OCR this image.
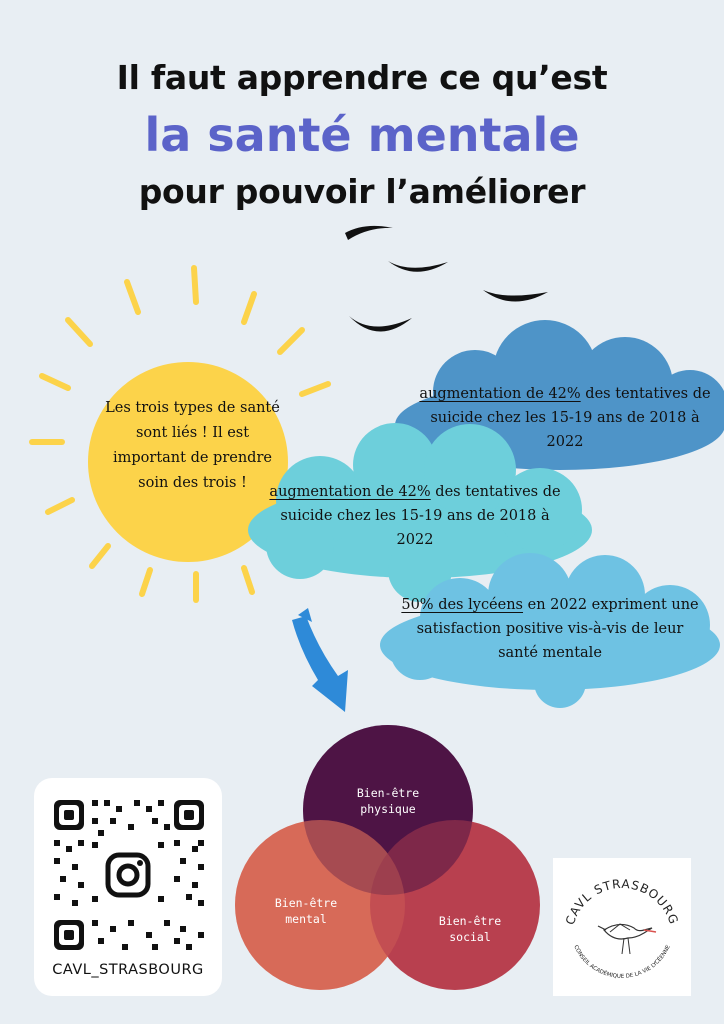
Il faut apprendre ce qu’est
la santé mentale
pour pouvoir l’améliorer
Les trois types de santé sont liés ! Il est important de prendre soin des trois !
augmentation de 42% des tentatives de suicide chez les 15-19 ans de 2018 à 2022
augmentation de 42% des tentatives de suicide chez les 15-19 ans de 2018 à 2022
50% des lycéens en 2022 expriment une satisfaction positive vis-à-vis de leur santé mentale
Bien-être
physique
Bien-être
mental	Bien-être
social
CAVL_STRASBOURG
CAVL STRASBOURG
CONSEIL ACADÉMIQUE DE LA VIE LYCÉENNE
